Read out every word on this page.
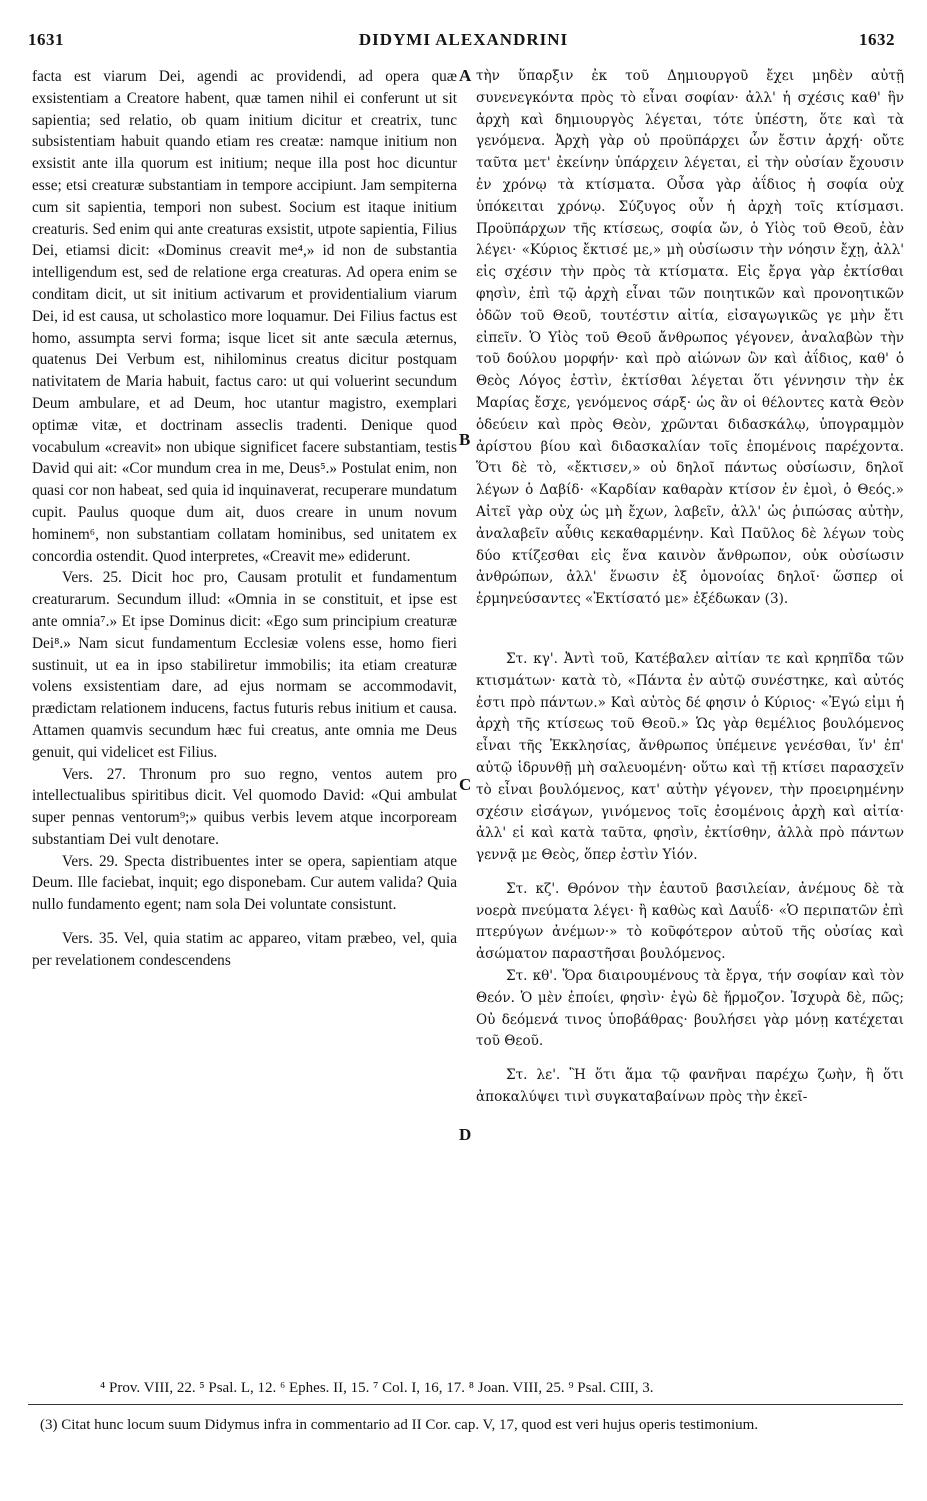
1631	DIDYMI ALEXANDRINI	1632
A
B
C
D

facta est viarum Dei, agendi ac providendi, ad opera quæ exsistentiam a Creatore habent, quæ tamen nihil ei conferunt ut sit sapientia; sed relatio, ob quam initium dicitur et creatrix, tunc subsistentiam habuit quando etiam res creatæ: namque initium non exsistit ante illa quorum est initium; neque illa post hoc dicuntur esse; etsi creaturæ substantiam in tempore accipiunt. Jam sempiterna cum sit sapientia, tempori non subest. Socium est itaque initium creaturis. Sed enim qui ante creaturas exsistit, utpote sapientia, Filius Dei, etiamsi dicit: «Dominus creavit me⁴,» id non de substantia intelligendum est, sed de relatione erga creaturas. Ad opera enim se conditam dicit, ut sit initium activarum et providentialium viarum Dei, id est causa, ut scholastico more loquamur. Dei Filius factus est homo, assumpta servi forma; isque licet sit ante sæcula æternus, quatenus Dei Verbum est, nihilominus creatus dicitur postquam nativitatem de Maria habuit, factus caro: ut qui voluerint secundum Deum ambulare, et ad Deum, hoc utantur magistro, exemplari optimæ vitæ, et doctrinam asseclis tradenti. Denique quod vocabulum «creavit» non ubique significet facere substantiam, testis David qui ait: «Cor mundum crea in me, Deus⁵.» Postulat enim, non quasi cor non habeat, sed quia id inquinaverat, recuperare mundatum cupit. Paulus quoque dum ait, duos creare in unum novum hominem⁶, non substantiam collatam hominibus, sed unitatem ex concordia ostendit. Quod interpretes, «Creavit me» ediderunt.

Vers. 25. Dicit hoc pro, Causam protulit et fundamentum creaturarum. Secundum illud: «Omnia in se constituit, et ipse est ante omnia⁷.» Et ipse Dominus dicit: «Ego sum principium creaturæ Dei⁸.» Nam sicut fundamentum Ecclesiæ volens esse, homo fieri sustinuit, ut ea in ipso stabiliretur immobilis; ita etiam creaturæ volens exsistentiam dare, ad ejus normam se accommodavit, prædictam relationem inducens, factus futuris rebus initium et causa. Attamen quamvis secundum hæc fui creatus, ante omnia me Deus genuit, qui videlicet est Filius.

Vers. 27. Thronum pro suo regno, ventos autem pro intellectualibus spiritibus dicit. Vel quomodo David: «Qui ambulat super pennas ventorum⁹;» quibus verbis levem atque incorpoream substantiam Dei vult denotare.

Vers. 29. Specta distribuentes inter se opera, sapientiam atque Deum. Ille faciebat, inquit; ego disponebam. Cur autem valida? Quia nullo fundamento egent; nam sola Dei voluntate consistunt.

Vers. 35. Vel, quia statim ac appareo, vitam præbeo, vel, quia per revelationem condescendens

τὴν ὕπαρξιν ἐκ τοῦ Δημιουργοῦ ἔχει μηδὲν αὐτῇ συνενεγκόντα πρὸς τὸ εἶναι σοφίαν· ἀλλ' ἡ σχέσις καθ' ἣν ἀρχὴ καὶ δημιουργὸς λέγεται, τότε ὑπέστη, ὅτε καὶ τὰ γενόμενα. Ἀρχὴ γὰρ οὐ προϋπάρχει ὧν ἔστιν ἀρχή· οὔτε ταῦτα μετ' ἐκείνην ὑπάρχειν λέγεται, εἰ τὴν οὐσίαν ἔχουσιν ἐν χρόνῳ τὰ κτίσματα. Οὖσα γὰρ ἀΐδιος ἡ σοφία οὐχ ὑπόκειται χρόνῳ. Σύζυγος οὖν ἡ ἀρχὴ τοῖς κτίσμασι. Προϋπάρχων τῆς κτίσεως, σοφία ὤν, ὁ Υἱὸς τοῦ Θεοῦ, ἐὰν λέγει· «Κύριος ἔκτισέ με,» μὴ οὐσίωσιν τὴν νόησιν ἔχῃ, ἀλλ' εἰς σχέσιν τὴν πρὸς τὰ κτίσματα. Εἰς ἔργα γὰρ ἐκτίσθαι φησὶν, ἐπὶ τῷ ἀρχὴ εἶναι τῶν ποιητικῶν καὶ προνοητικῶν ὁδῶν τοῦ Θεοῦ, τουτέστιν αἰτία, εἰσαγωγικῶς γε μὴν ἔτι εἰπεῖν. Ὁ Υἱὸς τοῦ Θεοῦ ἄνθρωπος γέγονεν, ἀναλαβὼν τὴν τοῦ δούλου μορφήν· καὶ πρὸ αἰώνων ὢν καὶ ἀΐδιος, καθ' ὁ Θεὸς Λόγος ἐστὶν, ἐκτίσθαι λέγεται ὅτι γέννησιν τὴν ἐκ Μαρίας ἔσχε, γενόμενος σάρξ· ὡς ἂν οἱ θέλοντες κατὰ Θεὸν ὁδεύειν καὶ πρὸς Θεὸν, χρῶνται διδασκάλῳ, ὑπογραμμὸν ἀρίστου βίου καὶ διδασκαλίαν τοῖς ἑπομένοις παρέχοντα. Ὅτι δὲ τὸ, «ἔκτισεν,» οὐ δηλοῖ πάντως οὐσίωσιν, δηλοῖ λέγων ὁ Δαβίδ· «Καρδίαν καθαρὰν κτίσον ἐν ἐμοὶ, ὁ Θεός.» Αἰτεῖ γὰρ οὐχ ὡς μὴ ἔχων, λαβεῖν, ἀλλ' ὡς ῥιπώσας αὐτὴν, ἀναλαβεῖν αὖθις κεκαθαρμένην. Καὶ Παῦλος δὲ λέγων τοὺς δύο κτίζεσθαι εἰς ἕνα καινὸν ἄνθρωπον, οὐκ οὐσίωσιν ἀνθρώπων, ἀλλ' ἕνωσιν ἐξ ὁμονοίας δηλοῖ· ὥσπερ οἱ ἑρμηνεύσαντες «Ἐκτίσατό με» ἐξέδωκαν (3).

Στ. κγ'. Ἀντὶ τοῦ, Κατέβαλεν αἰτίαν τε καὶ κρηπῖδα τῶν κτισμάτων· κατὰ τὸ, «Πάντα ἐν αὐτῷ συνέστηκε, καὶ αὐτός ἐστι πρὸ πάντων.» Καὶ αὐτὸς δέ φησιν ὁ Κύριος· «Ἐγώ εἰμι ἡ ἀρχὴ τῆς κτίσεως τοῦ Θεοῦ.» Ὡς γὰρ θεμέλιος βουλόμενος εἶναι τῆς Ἐκκλησίας, ἄνθρωπος ὑπέμεινε γενέσθαι, ἵν' ἐπ' αὐτῷ ἱδρυνθῇ μὴ σαλευομένη· οὕτω καὶ τῇ κτίσει παρασχεῖν τὸ εἶναι βουλόμενος, κατ' αὐτὴν γέγονεν, τὴν προειρημένην σχέσιν εἰσάγων, γινόμενος τοῖς ἐσομένοις ἀρχὴ καὶ αἰτία· ἀλλ' εἰ καὶ κατὰ ταῦτα, φησὶν, ἐκτίσθην, ἀλλὰ πρὸ πάντων γεννᾷ με Θεὸς, ὅπερ ἐστὶν Υἱόν.

Στ. κζ'. Θρόνον τὴν ἑαυτοῦ βασιλείαν, ἀνέμους δὲ τὰ νοερὰ πνεύματα λέγει· ἢ καθὼς καὶ Δαυΐδ· «Ὁ περιπατῶν ἐπὶ πτερύγων ἀνέμων·» τὸ κοῦφότερον αὐτοῦ τῆς οὐσίας καὶ ἀσώματον παραστῆσαι βουλόμενος.

Στ. κθ'. Ὅρα διαιρουμένους τὰ ἔργα, τήν σοφίαν καὶ τὸν Θεόν. Ὁ μὲν ἐποίει, φησὶν· ἐγὼ δὲ ἥρμοζον. Ἰσχυρὰ δὲ, πῶς; Οὐ δεόμενά τινος ὑποβάθρας· βουλήσει γὰρ μόνῃ κατέχεται τοῦ Θεοῦ.

Στ. λε'. Ἢ ὅτι ἅμα τῷ φανῆναι παρέχω ζωὴν, ἢ ὅτι ἀποκαλύψει τινὶ συγκαταβαίνων πρὸς τὴν ἐκεῖ-

⁴ Prov. VIII, 22. ⁵ Psal. L, 12. ⁶ Ephes. II, 15. ⁷ Col. I, 16, 17. ⁸ Joan. VIII, 25. ⁹ Psal. CIII, 3.
(3) Citat hunc locum suum Didymus infra in commentario ad II Cor. cap. V, 17, quod est veri hujus operis testimonium.
